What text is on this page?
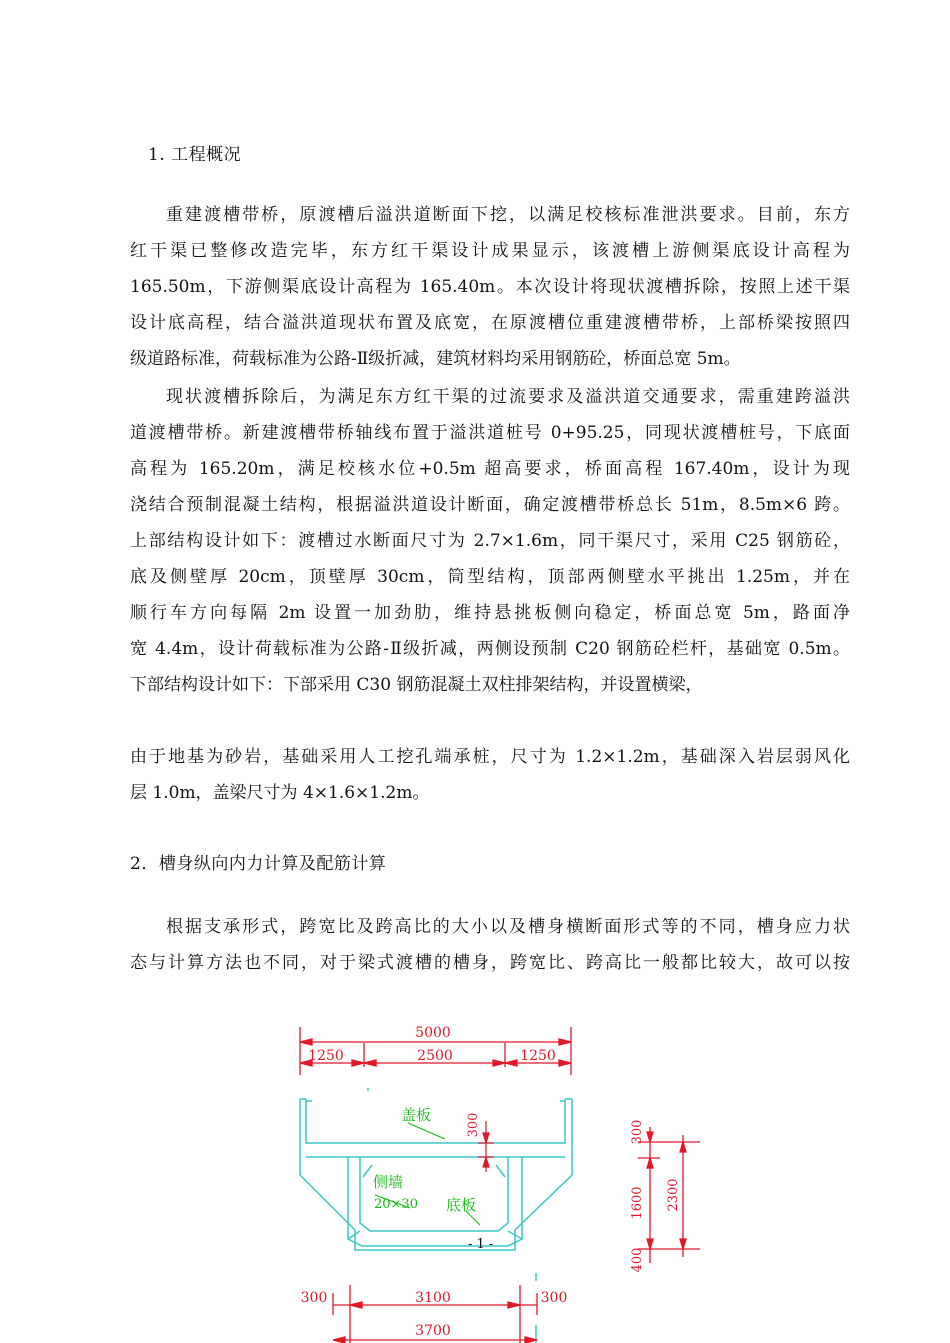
1. 工程概况
重建渡槽带桥，原渡槽后溢洪道断面下挖，以满足校核标准泄洪要求。目前，东方
红干渠已整修改造完毕，东方红干渠设计成果显示，该渡槽上游侧渠底设计高程为
165.50m，下游侧渠底设计高程为 165.40m。本次设计将现状渡槽拆除，按照上述干渠
设计底高程，结合溢洪道现状布置及底宽，在原渡槽位重建渡槽带桥，上部桥梁按照四
级道路标准，荷载标准为公路-Ⅱ级折减，建筑材料均采用钢筋砼，桥面总宽 5m。
现状渡槽拆除后，为满足东方红干渠的过流要求及溢洪道交通要求，需重建跨溢洪
道渡槽带桥。新建渡槽带桥轴线布置于溢洪道桩号 0+95.25，同现状渡槽桩号，下底面
高程为 165.20m，满足校核水位+0.5m 超高要求，桥面高程 167.40m，设计为现
浇结合预制混凝土结构，根据溢洪道设计断面，确定渡槽带桥总长 51m，8.5m×6 跨。
上部结构设计如下：渡槽过水断面尺寸为 2.7×1.6m，同干渠尺寸，采用 C25 钢筋砼，
底及侧壁厚 20cm，顶壁厚 30cm，筒型结构，顶部两侧壁水平挑出 1.25m，并在
顺行车方向每隔 2m 设置一加劲肋，维持悬挑板侧向稳定，桥面总宽 5m，路面净
宽 4.4m，设计荷载标准为公路-Ⅱ级折减，两侧设预制 C20 钢筋砼栏杆，基础宽 0.5m。
下部结构设计如下：下部采用 C30 钢筋混凝土双柱排架结构，并设置横梁，
由于地基为砂岩，基础采用人工挖孔端承桩，尺寸为 1.2×1.2m，基础深入岩层弱风化
层 1.0m，盖梁尺寸为 4×1.6×1.2m。
2．槽身纵向内力计算及配筋计算
根据支承形式，跨宽比及跨高比的大小以及槽身横断面形式等的不同，槽身应力状
态与计算方法也不同，对于梁式渡槽的槽身，跨宽比、跨高比一般都比较大，故可以按
5000
1250	2500	1250
盖板
侧墙
20×30 底板
300	300
1600 2300
400
300	3100	300
3700
- 1 -
